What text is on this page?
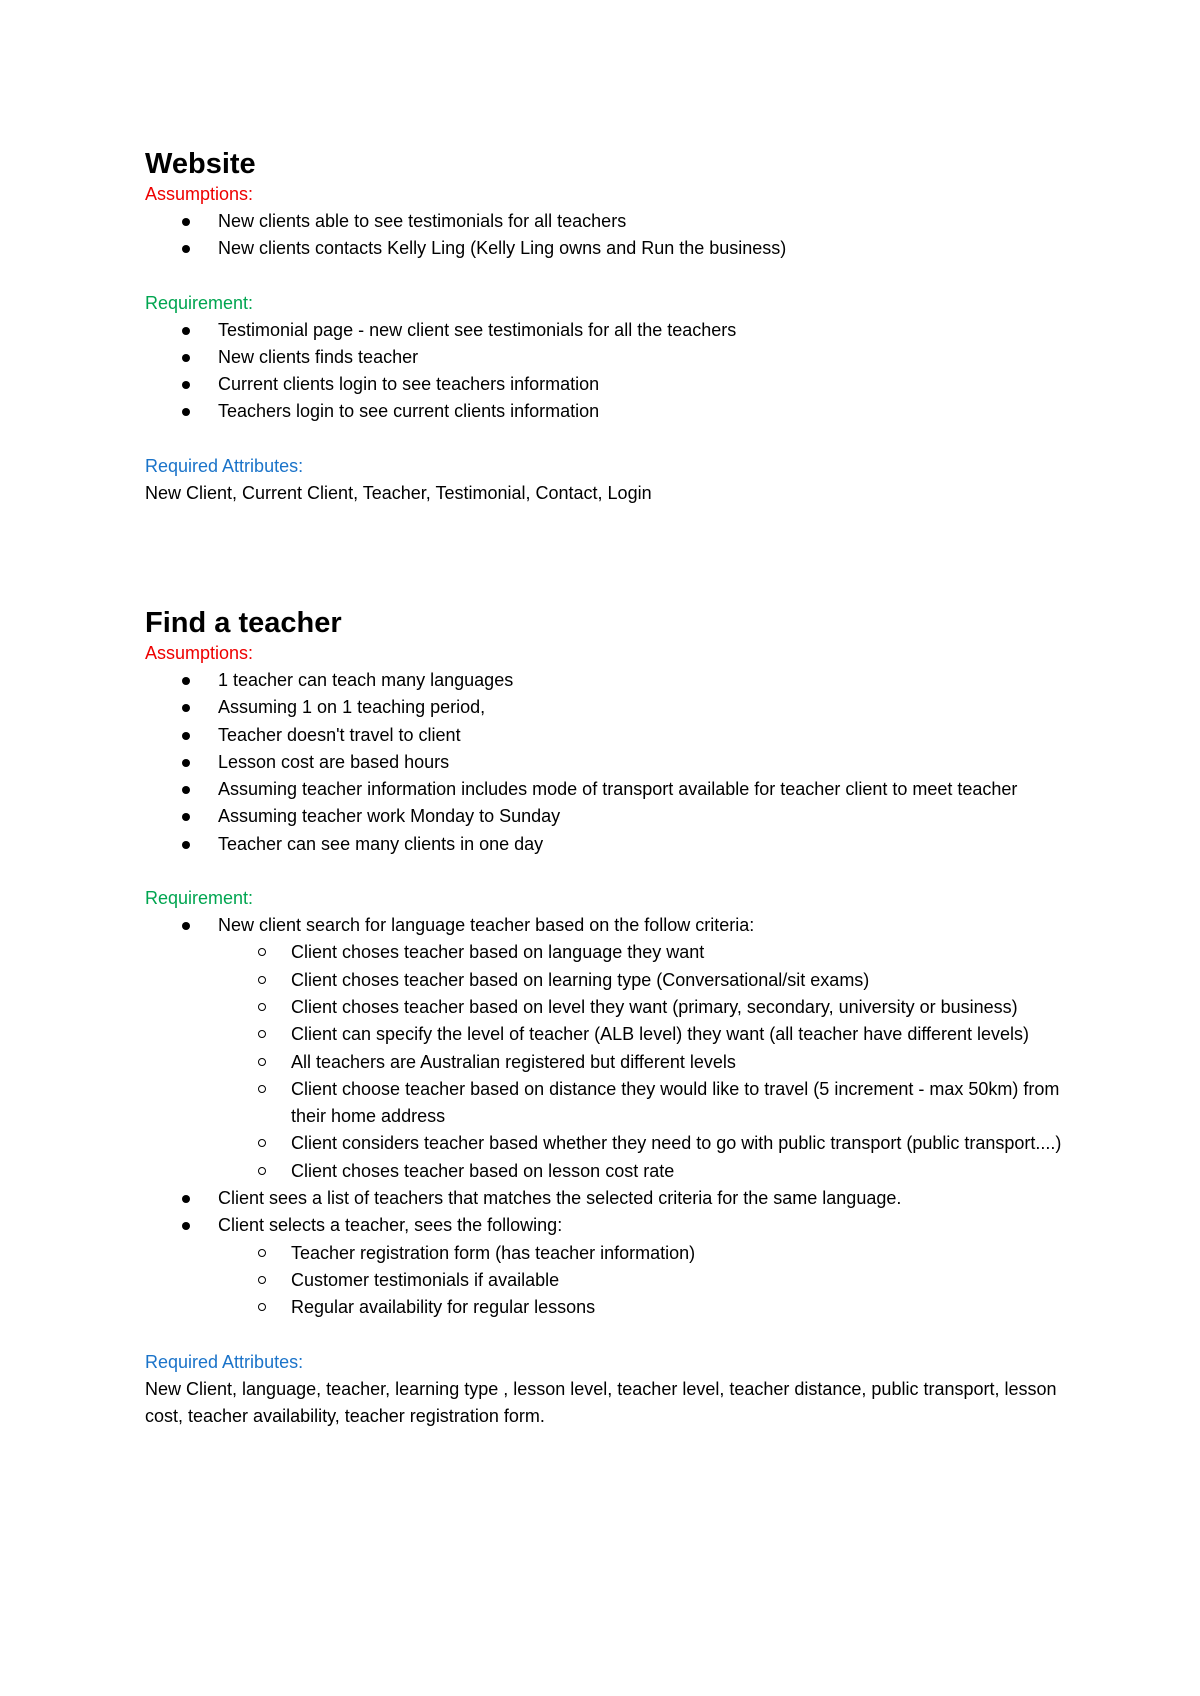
Website

Assumptions:

New clients able to see testimonials for all teachers
New clients contacts Kelly Ling (Kelly Ling owns and Run the business)

Requirement:

Testimonial page - new client see testimonials for all the teachers
New clients finds teacher
Current clients login to see teachers information
Teachers login to see current clients information

Required Attributes:

New Client, Current Client, Teacher, Testimonial, Contact, Login

Find a teacher

Assumptions:

1 teacher can teach many languages
Assuming 1 on 1 teaching period,
Teacher doesn't travel to client
Lesson cost are based hours
Assuming teacher information includes mode of transport available for teacher client to meet teacher
Assuming teacher work Monday to Sunday
Teacher can see many clients in one day

Requirement:

New client search for language teacher based on the follow criteria:
Client choses teacher based on language they want
Client choses teacher based on learning type (Conversational/sit exams)
Client choses teacher based on level they want (primary, secondary, university or business)
Client can specify the level of teacher (ALB level) they want (all teacher have different levels)
All teachers are Australian registered but different levels
Client choose teacher based on distance they would like to travel (5 increment - max 50km) from their home address
Client considers teacher based whether they need to go with public transport (public transport....)
Client choses teacher based on lesson cost rate
Client sees a list of teachers that matches the selected criteria for the same language.
Client selects a teacher, sees the following:
Teacher registration form (has teacher information)
Customer testimonials if available
Regular availability for regular lessons

Required Attributes:

New Client, language, teacher, learning type , lesson level, teacher level, teacher distance, public transport, lesson cost, teacher availability, teacher registration form.
